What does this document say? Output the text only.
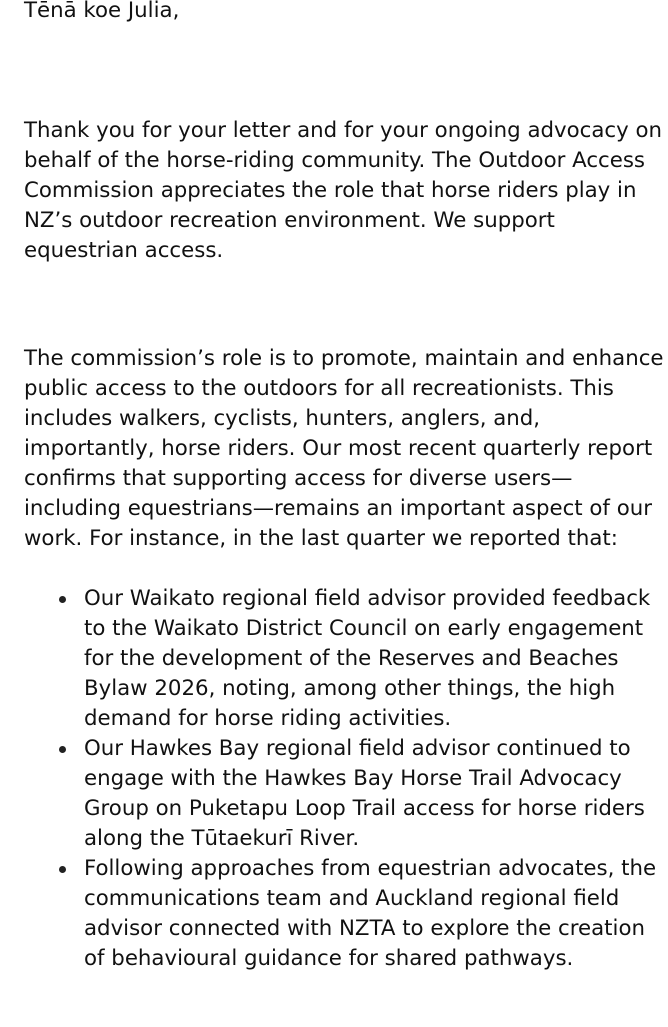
Tēnā koe Julia,

Thank you for your letter and for your ongoing advocacy on behalf of the horse-riding community. The Outdoor Access Commission appreciates the role that horse riders play in NZ’s outdoor recreation environment. We support equestrian access.

The commission’s role is to promote, maintain and enhance public access to the outdoors for all recreationists. This includes walkers, cyclists, hunters, anglers, and, importantly, horse riders. Our most recent quarterly report confirms that supporting access for diverse users—including equestrians—remains an important aspect of our work. For instance, in the last quarter we reported that:

Our Waikato regional field advisor provided feedback to the Waikato District Council on early engagement for the development of the Reserves and Beaches Bylaw 2026, noting, among other things, the high demand for horse riding activities.
Our Hawkes Bay regional field advisor continued to engage with the Hawkes Bay Horse Trail Advocacy Group on Puketapu Loop Trail access for horse riders along the Tūtaekurī River.
Following approaches from equestrian advocates, the communications team and Auckland regional field advisor connected with NZTA to explore the creation of behavioural guidance for shared pathways.
